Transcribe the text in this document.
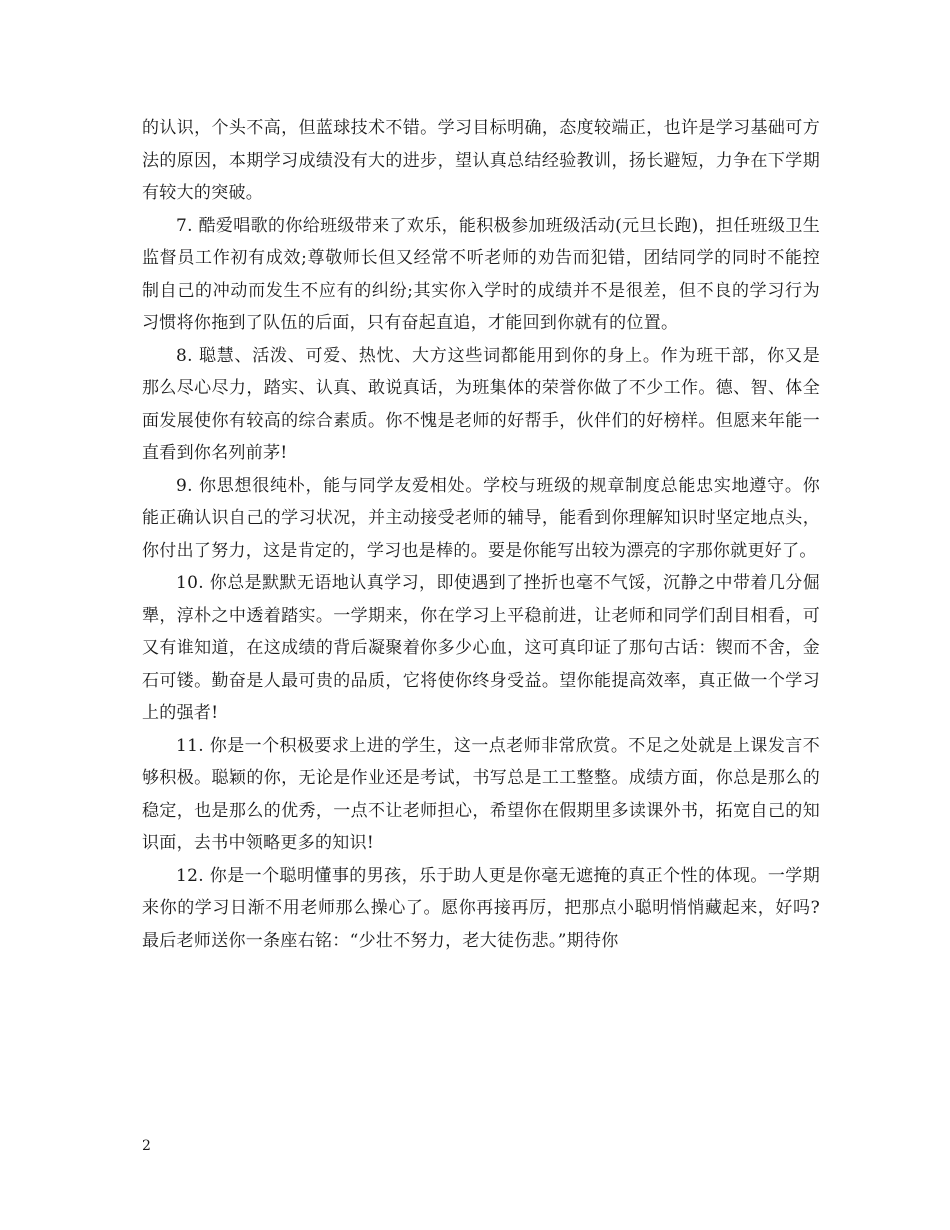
的认识，个头不高，但蓝球技术不错。学习目标明确，态度较端正，也许是学习基础可方法的原因，本期学习成绩没有大的进步，望认真总结经验教训，扬长避短，力争在下学期有较大的突破。

7. 酷爱唱歌的你给班级带来了欢乐，能积极参加班级活动(元旦长跑)，担任班级卫生监督员工作初有成效;尊敬师长但又经常不听老师的劝告而犯错，团结同学的同时不能控制自己的冲动而发生不应有的纠纷;其实你入学时的成绩并不是很差，但不良的学习行为习惯将你拖到了队伍的后面，只有奋起直追，才能回到你就有的位置。

8. 聪慧、活泼、可爱、热忱、大方这些词都能用到你的身上。作为班干部，你又是那么尽心尽力，踏实、认真、敢说真话，为班集体的荣誉你做了不少工作。德、智、体全面发展使你有较高的综合素质。你不愧是老师的好帮手，伙伴们的好榜样。但愿来年能一直看到你名列前茅!

9. 你思想很纯朴，能与同学友爱相处。学校与班级的规章制度总能忠实地遵守。你能正确认识自己的学习状况，并主动接受老师的辅导，能看到你理解知识时坚定地点头，你付出了努力，这是肯定的，学习也是棒的。要是你能写出较为漂亮的字那你就更好了。

10. 你总是默默无语地认真学习，即使遇到了挫折也毫不气馁，沉静之中带着几分倔犟，淳朴之中透着踏实。一学期来，你在学习上平稳前进，让老师和同学们刮目相看，可又有谁知道，在这成绩的背后凝聚着你多少心血，这可真印证了那句古话：锲而不舍，金石可镂。勤奋是人最可贵的品质，它将使你终身受益。望你能提高效率，真正做一个学习上的强者!

11. 你是一个积极要求上进的学生，这一点老师非常欣赏。不足之处就是上课发言不够积极。聪颖的你，无论是作业还是考试，书写总是工工整整。成绩方面，你总是那么的稳定，也是那么的优秀，一点不让老师担心，希望你在假期里多读课外书，拓宽自己的知识面，去书中领略更多的知识!

12. 你是一个聪明懂事的男孩，乐于助人更是你毫无遮掩的真正个性的体现。一学期来你的学习日渐不用老师那么操心了。愿你再接再厉，把那点小聪明悄悄藏起来，好吗?最后老师送你一条座右铭：“少壮不努力，老大徒伤悲。”期待你

2
